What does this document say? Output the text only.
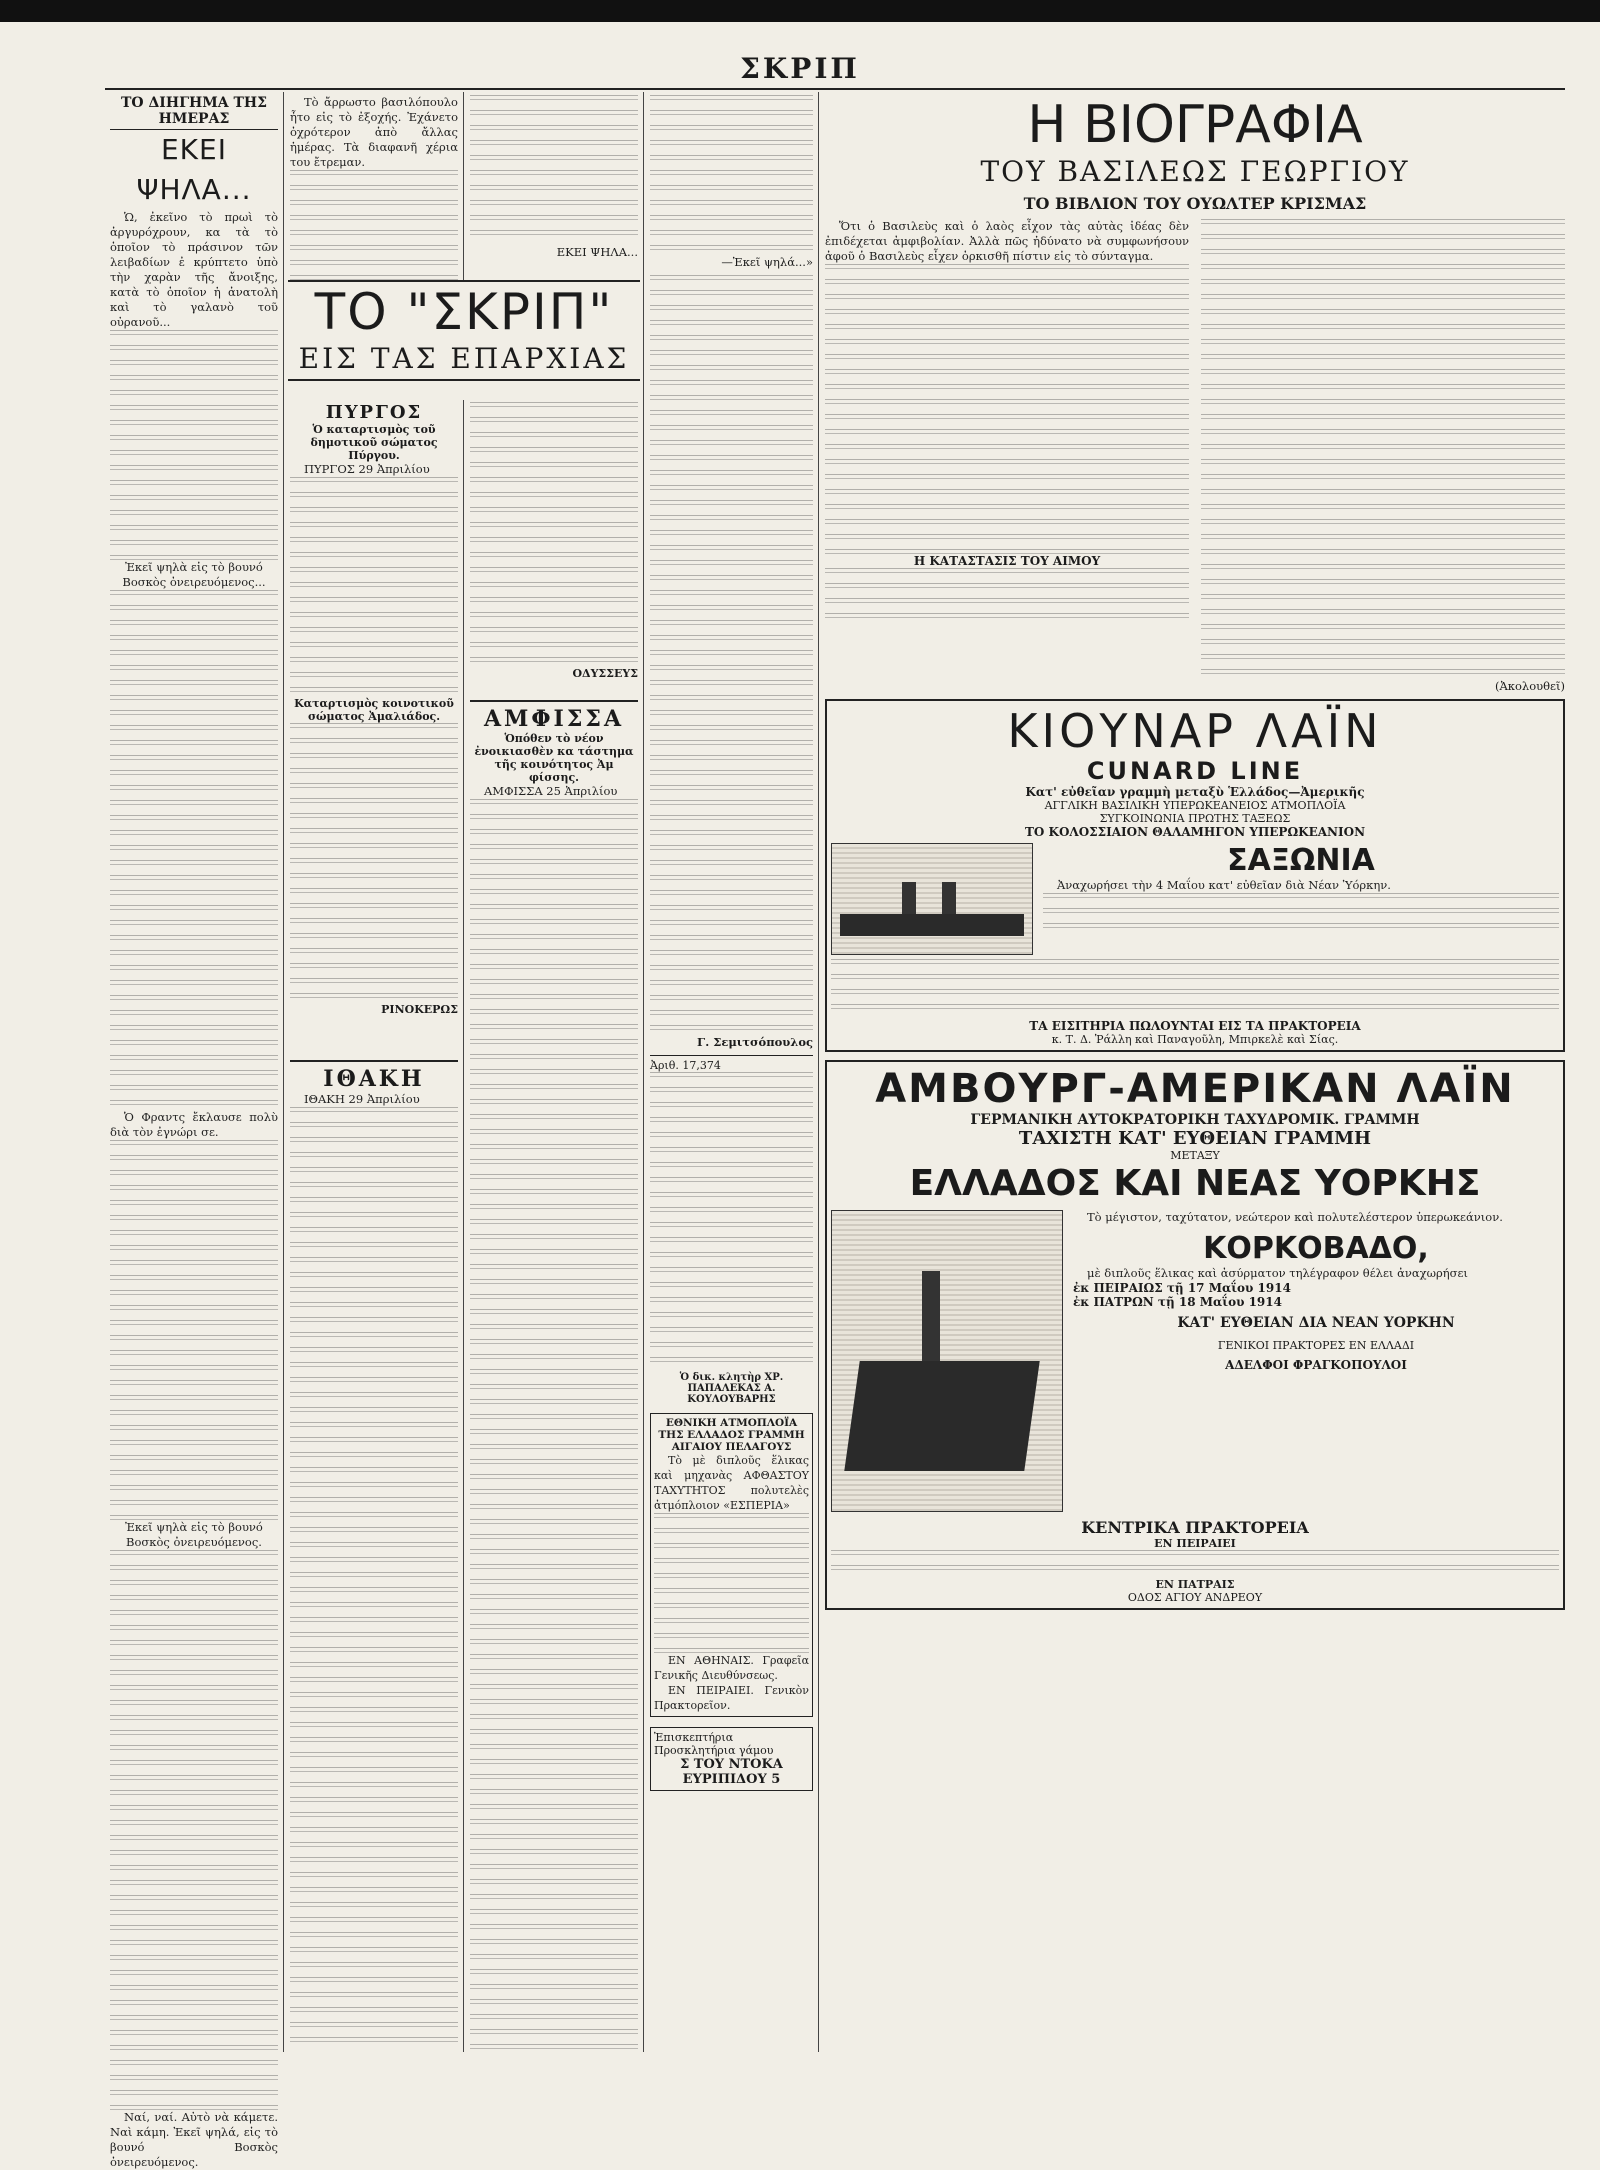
ΣΚΡΙΠ
ΤΟ ΔΙΗΓΗΜΑ ΤΗΣ ΗΜΕΡΑΣ
ΕΚΕΙ ΨΗΛΑ...

Ὡ, ἐκεῖνο τὸ πρωὶ τὸ ἀργυρόχρουν, κα τὰ τὸ ὁποῖον τὸ πράσινον τῶν λειβαδίων ἐ κρύπτετο ὑπὸ τὴν χαρὰν τῆς ἄνοιξης, κατὰ τὸ ὁποῖον ἡ ἀνατολὴ καὶ τὸ γαλανὸ τοῦ οὐρανοῦ...

Ἐκεῖ ψηλὰ εἰς τὸ βουνό Βοσκὸς ὀνειρευόμενος...

Ὁ Φραντς ἔκλαυσε πολὺ διὰ τὸν ἐγνώρι σε.

Ἐκεῖ ψηλὰ εἰς τὸ βουνό Βοσκὸς ὀνειρευόμενος.

Ναί, ναί. Αὐτὸ νὰ κάμετε. Ναὶ κάμη. Ἐκεῖ ψηλά, εἰς τὸ βουνό Βοσκὸς ὀνειρευόμενος.

Τὸ ἄρρωστο βασιλόπουλο ἦτο εἰς τὸ ἐξοχής. Ἐχάνετο ὀχρότερον ἀπὸ ἄλλας ἡμέρας. Τὰ διαφανῆ χέρια του ἔτρεμαν.

ΕΚΕΙ ΨΗΛΑ...
ΤΟ "ΣΚΡΙΠ"
ΕΙΣ ΤΑΣ ΕΠΑΡΧΙΑΣ
ΠΥΡΓΟΣ
Ὁ καταρτισμὸς τοῦ δημοτικοῦ σώματος Πύργου.

ΠΥΡΓΟΣ 29 Ἀπριλίου

Καταρτισμὸς κοινοτικοῦ σώματος Ἀμαλιάδος.
ΡΙΝΟΚΕΡΩΣ
ΙΘΑΚΗ

ΙΘΑΚΗ 29 Ἀπριλίου

ΟΔΥΣΣΕΥΣ
ΑΜΦΙΣΣΑ
Ὁπόθεν τὸ νέον ἐνοικιασθὲν κα τάστημα τῆς κοινότητος Ἀμ φίσσης.

ΑΜΦΙΣΣΑ 25 Ἀπριλίου

—Ἐκεῖ ψηλά...»
Γ. Σεμιτσόπουλος
Ἀριθ. 17,374
Ὁ δικ. κλητὴρ ΧΡ. ΠΑΠΑΛΕΚΑΣ Α. ΚΟΥΛΟΥΒΑΡΗΣ
ΕΘΝΙΚΗ ΑΤΜΟΠΛΟΪΑ ΤΗΣ ΕΛΛΑΔΟΣ ΓΡΑΜΜΗ ΑΙΓΑΙΟΥ ΠΕΛΑΓΟΥΣ

Τὸ μὲ διπλοῦς ἕλικας καὶ μηχανὰς ΑΦΘΑΣΤΟΥ ΤΑΧΥΤΗΤΟΣ πολυτελὲς ἀτμόπλοιον «ΕΣΠΕΡΙΑ»

ΕΝ ΑΘΗΝΑΙΣ. Γραφεῖα Γενικῆς Διευθύνσεως.

ΕΝ ΠΕΙΡΑΙΕΙ. Γενικὸν Πρακτορεῖον.

Ἐπισκεπτήρια Προσκλητήρια γάμου
Σ ΤΟΥ ΝΤΟΚΑ ΕΥΡΙΠΙΔΟΥ 5
Η ΒΙΟΓΡΑΦΙΑ
ΤΟΥ ΒΑΣΙΛΕΩΣ ΓΕΩΡΓΙΟΥ
ΤΟ ΒΙΒΛΙΟΝ ΤΟΥ ΟΥΩΛΤΕΡ ΚΡΙΣΜΑΣ

Ὅτι ὁ Βασιλεὺς καὶ ὁ λαὸς εἶχον τὰς αὐτὰς ἰδέας δὲν ἐπιδέχεται ἀμφιβολίαν. Ἀλλὰ πῶς ἠδύνατο νὰ συμφωνήσουν ἀφοῦ ὁ Βασιλεὺς εἶχεν ὁρκισθῆ πίστιν εἰς τὸ σύνταγμα.

Η ΚΑΤΑΣΤΑΣΙΣ ΤΟΥ ΑΙΜΟΥ
(Ἀκολουθεῖ)
ΚΙΟΥΝΑΡ ΛΑΪΝ
CUNARD LINE
Κατ' εὐθεῖαν γραμμὴ μεταξὺ Ἑλλάδος—Ἀμερικῆς
ΑΓΓΛΙΚΗ ΒΑΣΙΛΙΚΗ ΥΠΕΡΩΚΕΑΝΕΙΟΣ ΑΤΜΟΠΛΟΪΑ
ΣΥΓΚΟΙΝΩΝΙΑ ΠΡΩΤΗΣ ΤΑΞΕΩΣ
ΤΟ ΚΟΛΟΣΣΙΑΙΟΝ ΘΑΛΑΜΗΓΟΝ ΥΠΕΡΩΚΕΑΝΙΟΝ
ΣΑΞΩΝΙΑ

Ἀναχωρήσει τὴν 4 Μαΐου κατ' εὐθεῖαν διὰ Νέαν Ὑόρκην.

ΤΑ ΕΙΣΙΤΗΡΙΑ ΠΩΛΟΥΝΤΑΙ ΕΙΣ ΤΑ ΠΡΑΚΤΟΡΕΙΑ
κ. Τ. Δ. Ῥάλλη καὶ Παναγοῦλη, Μπιρκελὲ καὶ Σίας.
ΑΜΒΟΥΡΓ-ΑΜΕΡΙΚΑΝ ΛΑΪΝ
ΓΕΡΜΑΝΙΚΗ ΑΥΤΟΚΡΑΤΟΡΙΚΗ ΤΑΧΥΔΡΟΜΙΚ. ΓΡΑΜΜΗ
ΤΑΧΙΣΤΗ ΚΑΤ' ΕΥΘΕΙΑΝ ΓΡΑΜΜΗ
ΜΕΤΑΞΥ
ΕΛΛΑΔΟΣ ΚΑΙ ΝΕΑΣ ΥΟΡΚΗΣ

Τὸ μέγιστον, ταχύτατον, νεώτερον καὶ πολυτελέστερον ὑπερωκεάνιον.

ΚΟΡΚΟΒΑΔΟ,

μὲ διπλοῦς ἕλικας καὶ ἀσύρματον τηλέγραφον θέλει ἀναχωρήσει

ἐκ ΠΕΙΡΑΙΩΣ τῇ 17 Μαΐου 1914
ἐκ ΠΑΤΡΩΝ τῇ 18 Μαΐου 1914
ΚΑΤ' ΕΥΘΕΙΑΝ ΔΙΑ ΝΕΑΝ ΥΟΡΚΗΝ
ΓΕΝΙΚΟΙ ΠΡΑΚΤΟΡΕΣ ΕΝ ΕΛΛΑΔΙ
ΑΔΕΛΦΟΙ ΦΡΑΓΚΟΠΟΥΛΟΙ
ΚΕΝΤΡΙΚΑ ΠΡΑΚΤΟΡΕΙΑ
ΕΝ ΠΕΙΡΑΙΕΙ
ΕΝ ΠΑΤΡΑΙΣ
ΟΔΟΣ ΑΓΙΟΥ ΑΝΔΡΕΟΥ
